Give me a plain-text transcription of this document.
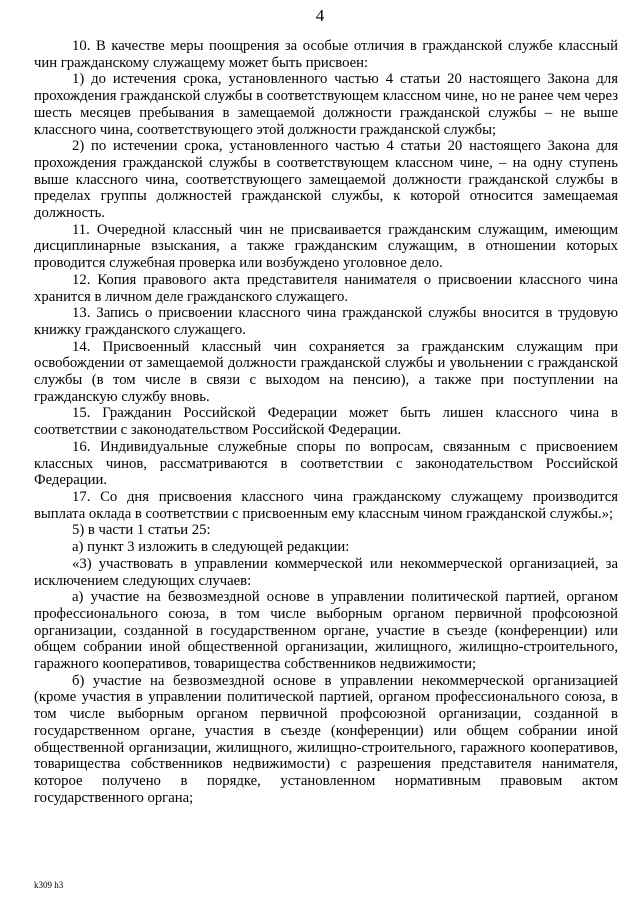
4

10. В качестве меры поощрения за особые отличия в гражданской службе классный чин гражданскому служащему может быть присвоен:

1) до истечения срока, установленного частью 4 статьи 20 настоящего Закона для прохождения гражданской службы в соответствующем классном чине, но не ранее чем через шесть месяцев пребывания в замещаемой должности гражданской службы – не выше классного чина, соответствующего этой должности гражданской службы;

2) по истечении срока, установленного частью 4 статьи 20 настоящего Закона для прохождения гражданской службы в соответствующем классном чине, – на одну ступень выше классного чина, соответствующего замещаемой должности гражданской службы в пределах группы должностей гражданской службы, к которой относится замещаемая должность.

11. Очередной классный чин не присваивается гражданским служащим, имеющим дисциплинарные взыскания, а также гражданским служащим, в отношении которых проводится служебная проверка или возбуждено уголовное дело.

12. Копия правового акта представителя нанимателя о присвоении классного чина хранится в личном деле гражданского служащего.

13. Запись о присвоении классного чина гражданской службы вносится в трудовую книжку гражданского служащего.

14. Присвоенный классный чин сохраняется за гражданским служащим при освобождении от замещаемой должности гражданской службы и увольнении с гражданской службы (в том числе в связи с выходом на пенсию), а также при поступлении на гражданскую службу вновь.

15. Гражданин Российской Федерации может быть лишен классного чина в соответствии с законодательством Российской Федерации.

16. Индивидуальные служебные споры по вопросам, связанным с присвоением классных чинов, рассматриваются в соответствии с законодательством Российской Федерации.

17. Со дня присвоения классного чина гражданскому служащему производится выплата оклада в соответствии с присвоенным ему классным чином гражданской службы.»;

5) в части 1 статьи 25:

а) пункт 3 изложить в следующей редакции:

«3) участвовать в управлении коммерческой или некоммерческой организацией, за исключением следующих случаев:

а) участие на безвозмездной основе в управлении политической партией, органом профессионального союза, в том числе выборным органом первичной профсоюзной организации, созданной в государственном органе, участие в съезде (конференции) или общем собрании иной общественной организации, жилищного, жилищно-строительного, гаражного кооперативов, товарищества собственников недвижимости;

б) участие на безвозмездной основе в управлении некоммерческой организацией (кроме участия в управлении политической партией, органом профессионального союза, в том числе выборным органом первичной профсоюзной организации, созданной в государственном органе, участия в съезде (конференции) или общем собрании иной общественной организации, жилищного, жилищно-строительного, гаражного кооперативов, товарищества собственников недвижимости) с разрешения представителя нанимателя, которое получено в порядке, установленном нормативным правовым актом государственного органа;

k309 h3
